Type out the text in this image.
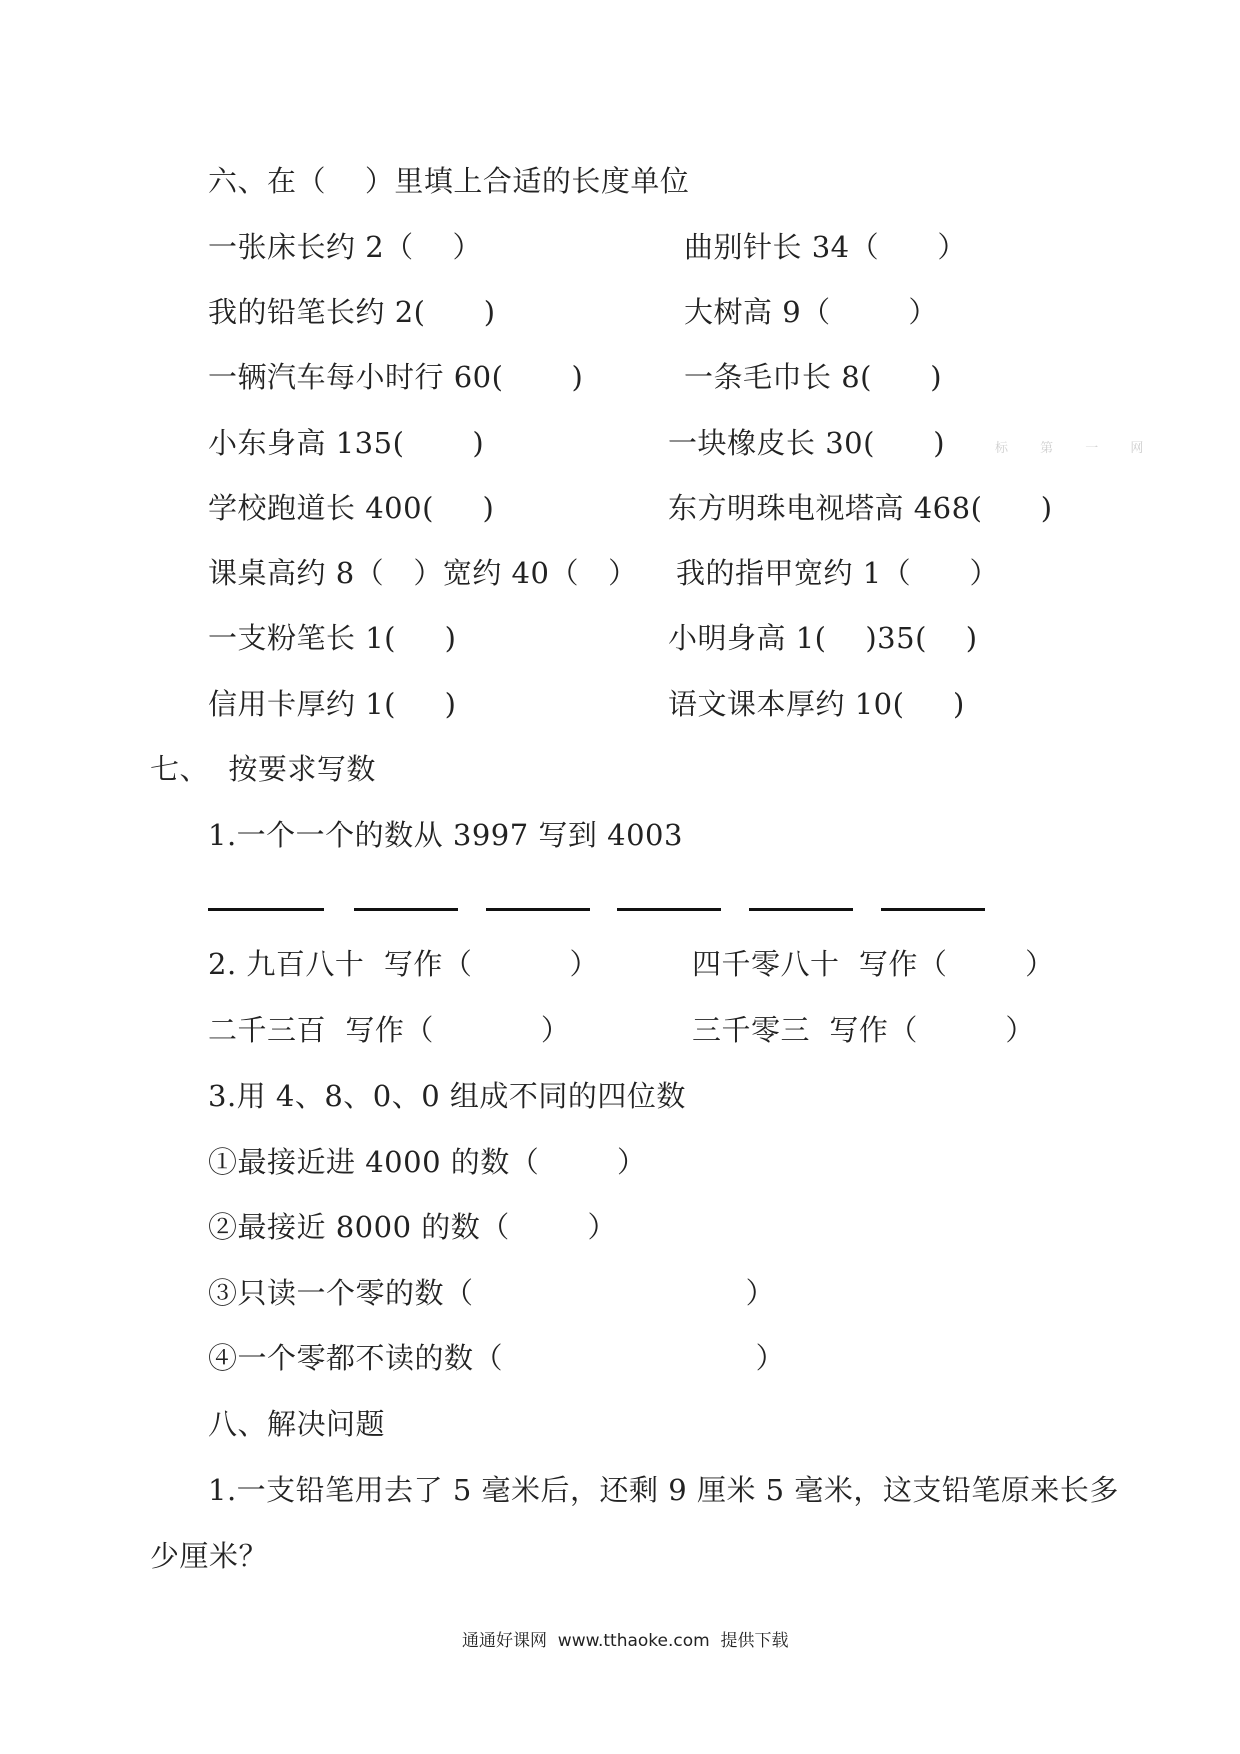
六、在（    ）里填上合适的长度单位
一张床长约 2（    ）
我的铅笔长约 2(      )
一辆汽车每小时行 60(       )
小东身高 135(       )
学校跑道长 400(     )
课桌高约 8（   ）宽约 40（   ）
一支粉笔长 1(     )
信用卡厚约 1(     )
曲别针长 34（      ）
大树高 9（        ）
一条毛巾长 8(      )
一块橡皮长 30(      )
东方明珠电视塔高 468(      )
我的指甲宽约 1（      ）
小明身高 1(    )35(    )
语文课本厚约 10(     )
标 第 一 网
七、  按要求写数
1.一个一个的数从 3997 写到 4003
2. 九百八十  写作（          ）	四千零八十  写作（        ）
二千三百  写作（           ）	三千零三  写作（         ）
3.用 4、8、0、0 组成不同的四位数
①最接近进 4000 的数（        ）
②最接近 8000 的数（        ）
③只读一个零的数（                            ）
④一个零都不读的数（                          ）
八、解决问题
1.一支铅笔用去了 5 毫米后，还剩 9 厘米 5 毫米，这支铅笔原来长多
少厘米？
通通好课网  www.tthaoke.com  提供下载
